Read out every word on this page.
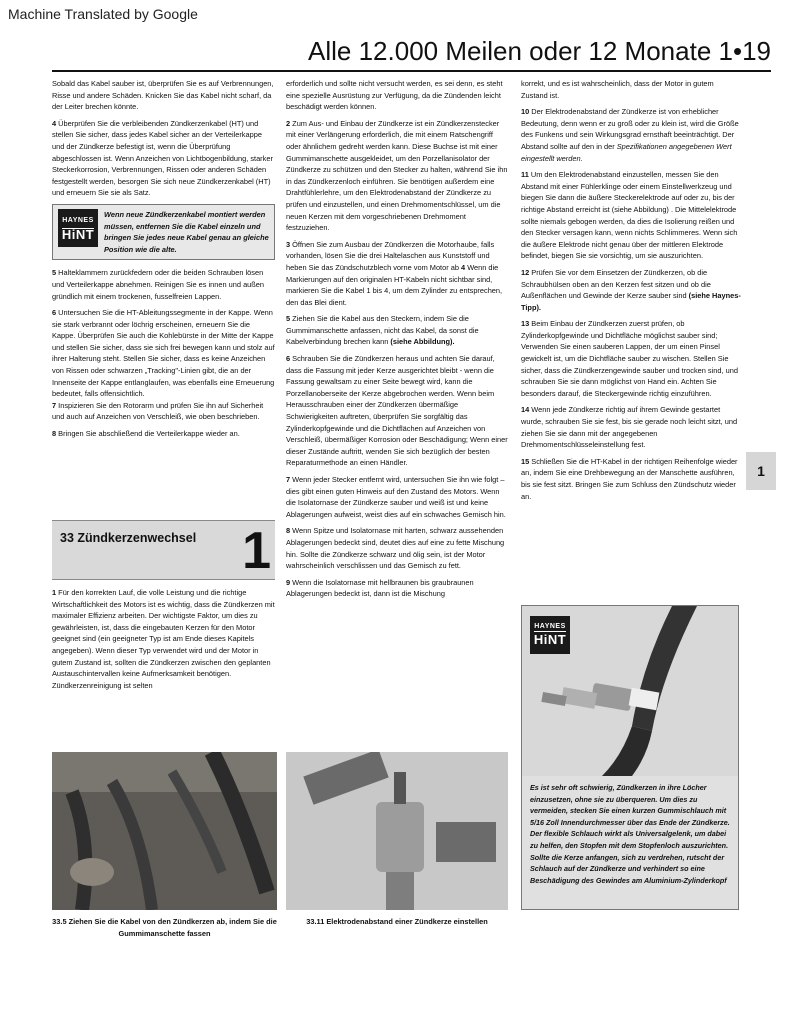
Machine Translated by Google
Alle 12.000 Meilen oder 12 Monate 1•19

Sobald das Kabel sauber ist, überprüfen Sie es auf Verbrennungen, Risse und andere Schäden. Knicken Sie das Kabel nicht scharf, da der Leiter brechen könnte.

4 Überprüfen Sie die verbleibenden Zündkerzenkabel (HT) und stellen Sie sicher, dass jedes Kabel sicher an der Verteilerkappe und der Zündkerze befestigt ist, wenn die Überprüfung abgeschlossen ist. Wenn Anzeichen von Lichtbogenbildung, starker Steckerkorrosion, Verbrennungen, Rissen oder anderen Schäden festgestellt werden, besorgen Sie sich neue Zündkerzenkabel (HT) und erneuern Sie sie als Satz.

HAYNES
HiNT
Wenn neue Zündkerzenkabel montiert werden müssen, entfernen Sie die Kabel einzeln und bringen Sie jedes neue Kabel genau an gleiche Position wie die alte.

5 Halteklammern zurückfedern oder die beiden Schrauben lösen und Verteilerkappe abnehmen. Reinigen Sie es innen und außen gründlich mit einem trockenen, fusselfreien Lappen.

6 Untersuchen Sie die HT-Ableitungssegmente in der Kappe. Wenn sie stark verbrannt oder löchrig erscheinen, erneuern Sie die Kappe. Überprüfen Sie auch die Kohlebürste in der Mitte der Kappe und stellen Sie sicher, dass sie sich frei bewegen kann und stolz auf ihrer Halterung steht. Stellen Sie sicher, dass es keine Anzeichen von Rissen oder schwarzen „Tracking"-Linien gibt, die an der Innenseite der Kappe entlanglaufen, was ebenfalls eine Erneuerung bedeutet, falls offensichtlich.

7 Inspizieren Sie den Rotorarm und prüfen Sie ihn auf Sicherheit und auch auf Anzeichen von Verschleiß, wie oben beschrieben.

8 Bringen Sie abschließend die Verteilerkappe wieder an.

33 Zündkerzenwechsel 1

1 Für den korrekten Lauf, die volle Leistung und die richtige Wirtschaftlichkeit des Motors ist es wichtig, dass die Zündkerzen mit maximaler Effizienz arbeiten. Der wichtigste Faktor, um dies zu gewährleisten, ist, dass die eingebauten Kerzen für den Motor geeignet sind (ein geeigneter Typ ist am Ende dieses Kapitels angegeben). Wenn dieser Typ verwendet wird und der Motor in gutem Zustand ist, sollten die Zündkerzen zwischen den geplanten Austauschintervallen keine Aufmerksamkeit benötigen. Zündkerzenreinigung ist selten

erforderlich und sollte nicht versucht werden, es sei denn, es steht eine spezielle Ausrüstung zur Verfügung, da die Zündenden leicht beschädigt werden können.

2 Zum Aus- und Einbau der Zündkerze ist ein Zündkerzenstecker mit einer Verlängerung erforderlich, die mit einem Ratschengriff oder ähnlichem gedreht werden kann. Diese Buchse ist mit einer Gummimanschette ausgekleidet, um den Porzellanisolator der Zündkerze zu schützen und den Stecker zu halten, während Sie ihn in das Zündkerzenloch einführen. Sie benötigen außerdem eine Drahtfühlerlehre, um den Elektrodenabstand der Zündkerze zu prüfen und einzustellen, und einen Drehmomentschlüssel, um die neuen Kerzen mit dem vorgeschriebenen Drehmoment festzuziehen.

3 Öffnen Sie zum Ausbau der Zündkerzen die Motorhaube, falls vorhanden, lösen Sie die drei Haltelaschen aus Kunststoff und heben Sie das Zündschutzblech vorne vom Motor ab 4 Wenn die Markierungen auf den originalen HT-Kabeln nicht sichtbar sind, markieren Sie die Kabel 1 bis 4, um dem Zylinder zu entsprechen, den das Blei dient.

5 Ziehen Sie die Kabel aus den Steckern, indem Sie die Gummimanschette anfassen, nicht das Kabel, da sonst die Kabelverbindung brechen kann (siehe Abbildung).

6 Schrauben Sie die Zündkerzen heraus und achten Sie darauf, dass die Fassung mit jeder Kerze ausgerichtet bleibt - wenn die Fassung gewaltsam zu einer Seite bewegt wird, kann die Porzellanoberseite der Kerze abgebrochen werden. Wenn beim Herausschrauben einer der Zündkerzen übermäßige Schwierigkeiten auftreten, überprüfen Sie sorgfältig das Zylinderkopfgewinde und die Dichtflächen auf Anzeichen von Verschleiß, übermäßiger Korrosion oder Beschädigung; Wenn einer dieser Zustände auftritt, wenden Sie sich bezüglich der besten Reparaturmethode an einen Händler.

7 Wenn jeder Stecker entfernt wird, untersuchen Sie ihn wie folgt – dies gibt einen guten Hinweis auf den Zustand des Motors. Wenn die Isolatornase der Zündkerze sauber und weiß ist und keine Ablagerungen aufweist, weist dies auf ein schwaches Gemisch hin.

8 Wenn Spitze und Isolatornase mit harten, schwarz aussehenden Ablagerungen bedeckt sind, deutet dies auf eine zu fette Mischung hin. Sollte die Zündkerze schwarz und ölig sein, ist der Motor wahrscheinlich verschlissen und das Gemisch zu fett.

9 Wenn die Isolatornase mit hellbraunen bis graubraunen Ablagerungen bedeckt ist, dann ist die Mischung

korrekt, und es ist wahrscheinlich, dass der Motor in gutem Zustand ist.

10 Der Elektrodenabstand der Zündkerze ist von erheblicher Bedeutung, denn wenn er zu groß oder zu klein ist, wird die Größe des Funkens und sein Wirkungsgrad ernsthaft beeinträchtigt. Der Abstand sollte auf den in der Spezifikationen angegebenen Wert eingestellt werden.

11 Um den Elektrodenabstand einzustellen, messen Sie den Abstand mit einer Fühlerklinge oder einem Einstellwerkzeug und biegen Sie dann die äußere Steckerelektrode auf oder zu, bis der richtige Abstand erreicht ist (siehe Abbildung) . Die Mittelelektrode sollte niemals gebogen werden, da dies die Isolierung reißen und den Stecker versagen kann, wenn nichts Schlimmeres. Wenn sich die äußere Elektrode nicht genau über der mittleren Elektrode befindet, biegen Sie sie vorsichtig, um sie auszurichten.

12 Prüfen Sie vor dem Einsetzen der Zündkerzen, ob die Schraubhülsen oben an den Kerzen fest sitzen und ob die Außenflächen und Gewinde der Kerze sauber sind (siehe Haynes-Tipp).

13 Beim Einbau der Zündkerzen zuerst prüfen, ob Zylinderkopfgewinde und Dichtfläche möglichst sauber sind; Verwenden Sie einen sauberen Lappen, der um einen Pinsel gewickelt ist, um die Dichtfläche sauber zu wischen. Stellen Sie sicher, dass die Zündkerzengewinde sauber und trocken sind, und schrauben Sie sie dann möglichst von Hand ein. Achten Sie besonders darauf, die Steckergewinde richtig einzuführen.

14 Wenn jede Zündkerze richtig auf ihrem Gewinde gestartet wurde, schrauben Sie sie fest, bis sie gerade noch leicht sitzt, und ziehen Sie sie dann mit der angegebenen Drehmomentschlüsseleinstellung fest.

15 Schließen Sie die HT-Kabel in der richtigen Reihenfolge wieder an, indem Sie eine Drehbewegung an der Manschette ausführen, bis sie fest sitzt. Bringen Sie zum Schluss den Zündschutz wieder an.

1
HAYNES
HiNT
Es ist sehr oft schwierig, Zündkerzen in ihre Löcher einzusetzen, ohne sie zu überqueren. Um dies zu vermeiden, stecken Sie einen kurzen Gummischlauch mit 5/16 Zoll Innendurchmesser über das Ende der Zündkerze. Der flexible Schlauch wirkt als Universalgelenk, um dabei zu helfen, den Stopfen mit dem Stopfenloch auszurichten. Sollte die Kerze anfangen, sich zu verdrehen, rutscht der Schlauch auf der Zündkerze und verhindert so eine Beschädigung des Gewindes am Aluminium-Zylinderkopf
33.5 Ziehen Sie die Kabel von den Zündkerzen ab, indem Sie die Gummimanschette fassen
33.11 Elektrodenabstand einer Zündkerze einstellen
